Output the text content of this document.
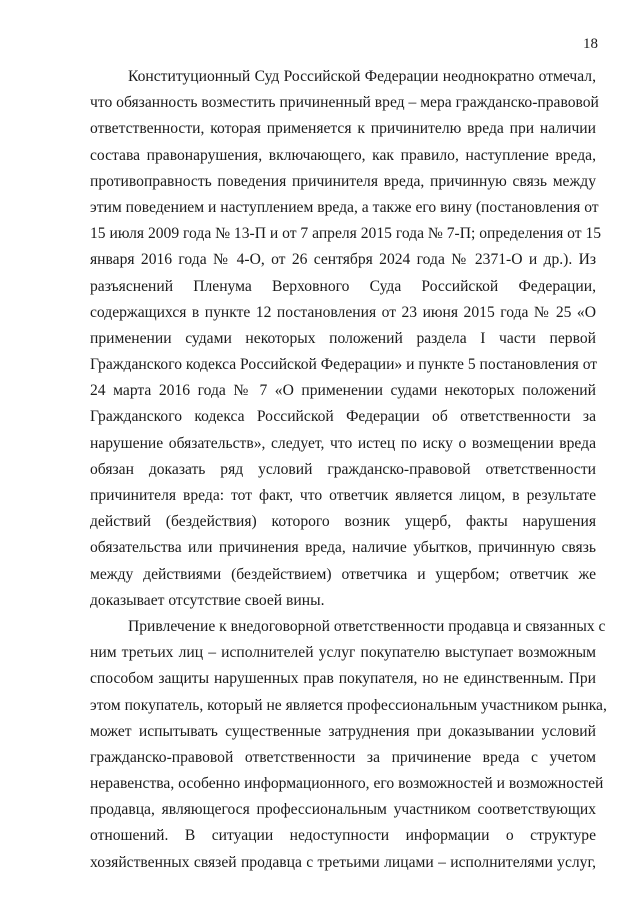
18
Конституционный Суд Российской Федерации неоднократно отмечал,
что обязанность возместить причиненный вред – мера гражданско-правовой
ответственности, которая применяется к причинителю вреда при наличии
состава правонарушения, включающего, как правило, наступление вреда,
противоправность поведения причинителя вреда, причинную связь между
этим поведением и наступлением вреда, а также его вину (постановления от
15 июля 2009 года № 13-П и от 7 апреля 2015 года № 7-П; определения от 15
января 2016 года № 4-О, от 26 сентября 2024 года № 2371-О и др.). Из
разъяснений Пленума Верховного Суда Российской Федерации,
содержащихся в пункте 12 постановления от 23 июня 2015 года № 25 «О
применении судами некоторых положений раздела I части первой
Гражданского кодекса Российской Федерации» и пункте 5 постановления от
24 марта 2016 года № 7 «О применении судами некоторых положений
Гражданского кодекса Российской Федерации об ответственности за
нарушение обязательств», следует, что истец по иску о возмещении вреда
обязан доказать ряд условий гражданско-правовой ответственности
причинителя вреда: тот факт, что ответчик является лицом, в результате
действий (бездействия) которого возник ущерб, факты нарушения
обязательства или причинения вреда, наличие убытков, причинную связь
между действиями (бездействием) ответчика и ущербом; ответчик же
доказывает отсутствие своей вины.
Привлечение к внедоговорной ответственности продавца и связанных с
ним третьих лиц – исполнителей услуг покупателю выступает возможным
способом защиты нарушенных прав покупателя, но не единственным. При
этом покупатель, который не является профессиональным участником рынка,
может испытывать существенные затруднения при доказывании условий
гражданско-правовой ответственности за причинение вреда с учетом
неравенства, особенно информационного, его возможностей и возможностей
продавца, являющегося профессиональным участником соответствующих
отношений. В ситуации недоступности информации о структуре
хозяйственных связей продавца с третьими лицами – исполнителями услуг,
